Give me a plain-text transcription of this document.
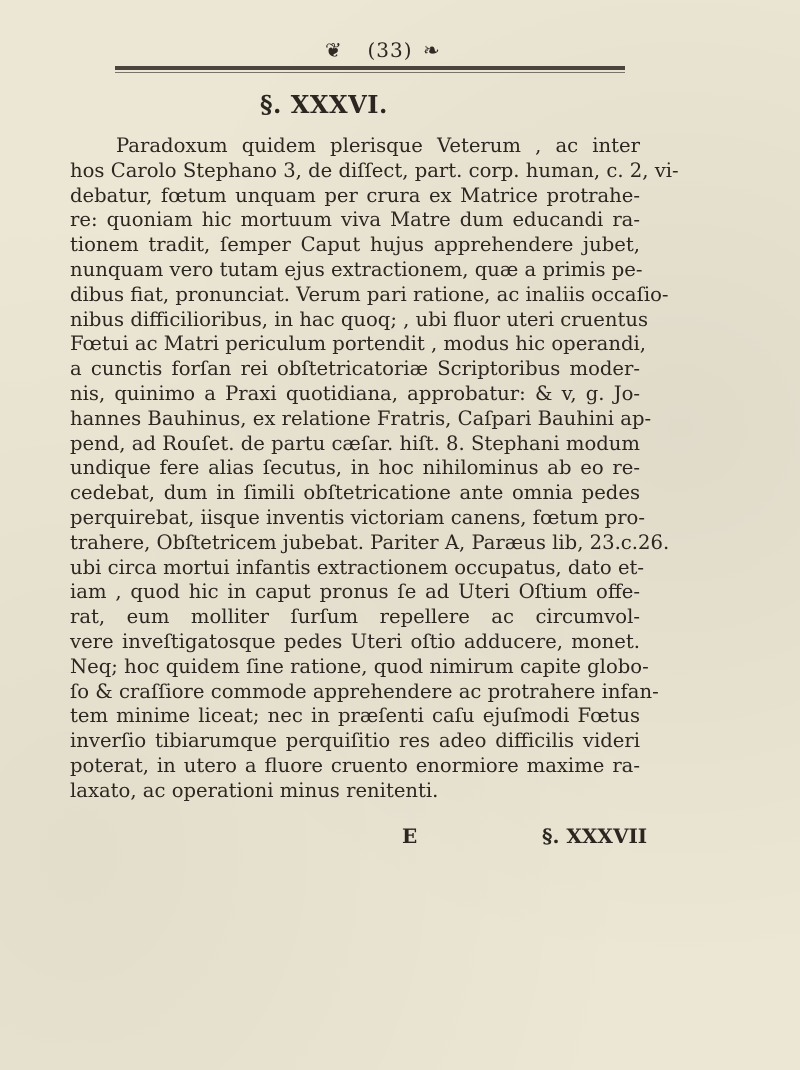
❦	(33) ❧
§. XXXVI.
Paradoxum quidem plerisque Veterum , ac inter
hos Carolo Stephano 3, de diſſect, part. corp. human, c. 2, vi-
debatur, fœtum unquam per crura ex Matrice protrahe-
re: quoniam hic mortuum viva Matre dum educandi ra-
tionem tradit, ſemper Caput hujus apprehendere jubet,
nunquam vero tutam ejus extractionem, quæ a primis pe-
dibus fiat, pronunciat. Verum pari ratione, ac inaliis occaſio-
nibus difficilioribus, in hac quoq; , ubi fluor uteri cruentus
Fœtui ac Matri periculum portendit , modus hic operandi,
a cunctis forſan rei obſtetricatoriæ Scriptoribus moder-
nis, quinimo a Praxi quotidiana, approbatur: & v, g. Jo-
hannes Bauhinus, ex relatione Fratris, Caſpari Bauhini ap-
pend, ad Rouſet. de partu cæſar. hiſt. 8. Stephani modum
undique fere alias ſecutus, in hoc nihilominus ab eo re-
cedebat, dum in ſimili obſtetricatione ante omnia pedes
perquirebat, iisque inventis victoriam canens, fœtum pro-
trahere, Obſtetricem jubebat. Pariter A, Paræus lib, 23.c.26.
ubi circa mortui infantis extractionem occupatus, dato et-
iam , quod hic in caput pronus ſe ad Uteri Oſtium offe-
rat, eum molliter ſurſum repellere ac circumvol-
vere inveſtigatosque pedes Uteri oſtio adducere, monet.
Neq; hoc quidem ſine ratione, quod nimirum capite globo-
ſo & craſſiore commode apprehendere ac protrahere infan-
tem minime liceat; nec in præſenti caſu ejuſmodi Fœtus
inverſio tibiarumque perquiſitio res adeo difficilis videri
poterat, in utero a fluore cruento enormiore maxime ra-
laxato, ac operationi minus renitenti.
E	§. XXXVII
